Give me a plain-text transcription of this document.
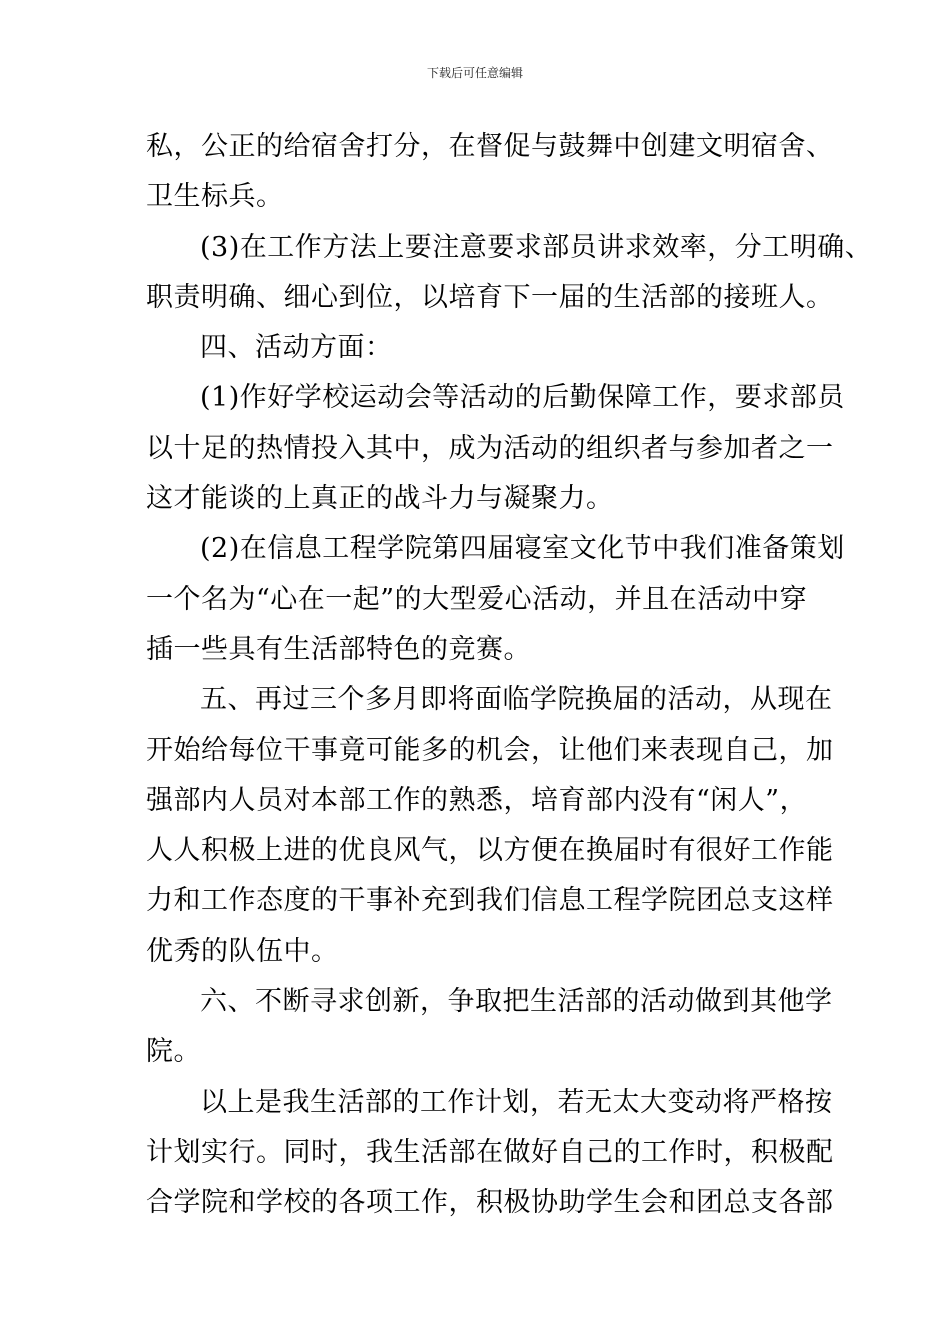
下载后可任意编辑
私，公正的给宿舍打分，在督促与鼓舞中创建文明宿舍、
卫生标兵。
(3)在工作方法上要注意要求部员讲求效率，分工明确、
职责明确、细心到位，以培育下一届的生活部的接班人。
四、活动方面：
(1)作好学校运动会等活动的后勤保障工作，要求部员
以十足的热情投入其中，成为活动的组织者与参加者之一
这才能谈的上真正的战斗力与凝聚力。
(2)在信息工程学院第四届寝室文化节中我们准备策划
一个名为“心在一起”的大型爱心活动，并且在活动中穿
插一些具有生活部特色的竞赛。
五、再过三个多月即将面临学院换届的活动，从现在
开始给每位干事竟可能多的机会，让他们来表现自己，加
强部内人员对本部工作的熟悉，培育部内没有“闲人”，
人人积极上进的优良风气，以方便在换届时有很好工作能
力和工作态度的干事补充到我们信息工程学院团总支这样
优秀的队伍中。
六、不断寻求创新，争取把生活部的活动做到其他学
院。
以上是我生活部的工作计划，若无太大变动将严格按
计划实行。同时，我生活部在做好自己的工作时，积极配
合学院和学校的各项工作，积极协助学生会和团总支各部
